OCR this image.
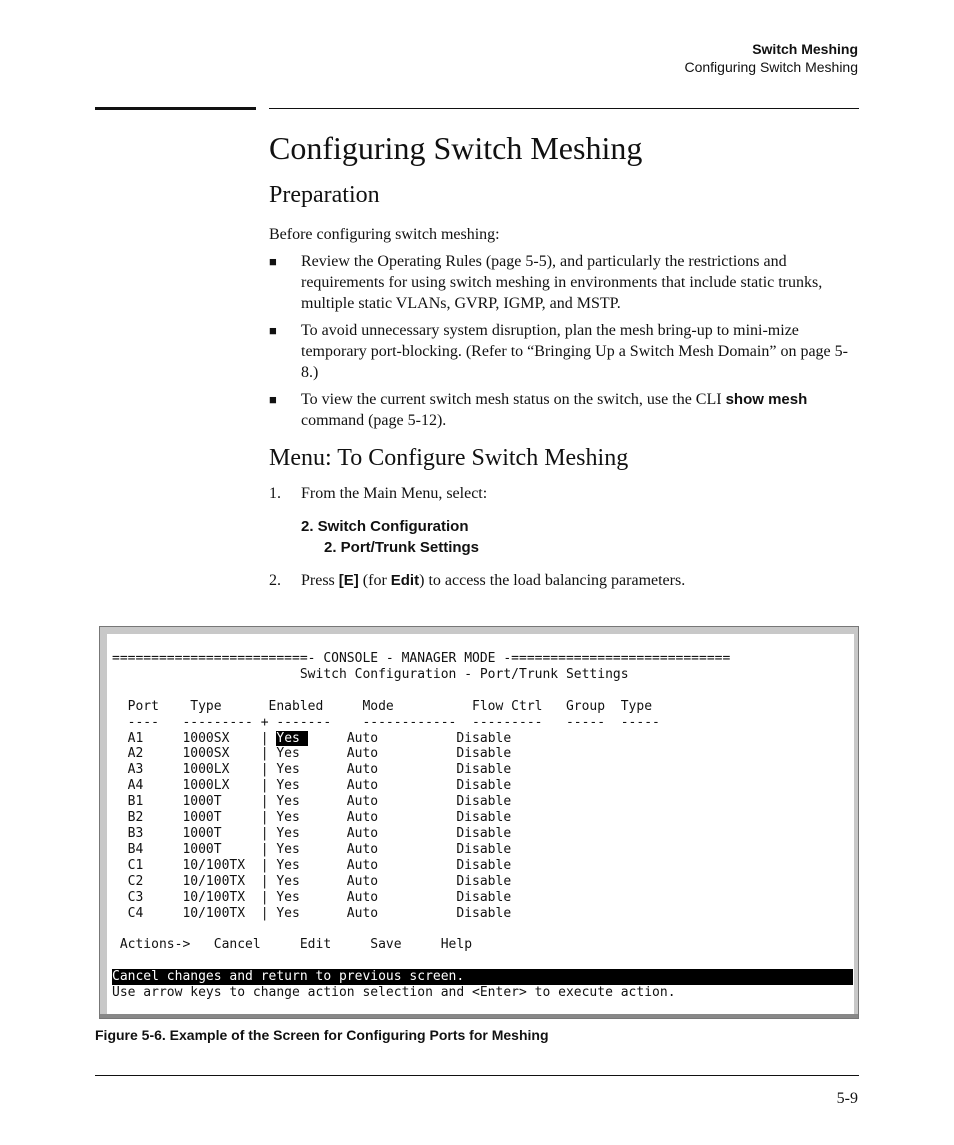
Switch Meshing
Configuring Switch Meshing
Configuring Switch Meshing
Preparation

Before configuring switch meshing:

■ Review the Operating Rules (page 5-5), and particularly the restrictions and requirements for using switch meshing in environments that include static trunks, multiple static VLANs, GVRP, IGMP, and MSTP.
■ To avoid unnecessary system disruption, plan the mesh bring-up to mini-mize temporary port-blocking. (Refer to “Bringing Up a Switch Mesh Domain” on page 5-8.)
■ To view the current switch mesh status on the switch, use the CLI show mesh command (page 5-12).
Menu: To Configure Switch Meshing
1. From the Main Menu, select:
2. Switch Configuration
2. Port/Trunk Settings
2. Press [E] (for Edit) to access the load balancing parameters.
=========================- CONSOLE - MANAGER MODE -============================
Switch Configuration - Port/Trunk Settings

Port    Type      Enabled     Mode          Flow Ctrl   Group  Type
----   --------- + -------    ------------  ---------   -----  -----
A1     1000SX    | Yes      Auto          Disable
A2     1000SX    | Yes      Auto          Disable
A3     1000LX    | Yes      Auto          Disable
A4     1000LX    | Yes      Auto          Disable
B1     1000T     | Yes      Auto          Disable
B2     1000T     | Yes      Auto          Disable
B3     1000T     | Yes      Auto          Disable
B4     1000T     | Yes      Auto          Disable
C1     10/100TX  | Yes      Auto          Disable
C2     10/100TX  | Yes      Auto          Disable
C3     10/100TX  | Yes      Auto          Disable
C4     10/100TX  | Yes      Auto          Disable

Actions->   Cancel     Edit     Save     Help

Cancel changes and return to previous screen.
Use arrow keys to change action selection and <Enter> to execute action.
Figure 5-6. Example of the Screen for Configuring Ports for Meshing
5-9
